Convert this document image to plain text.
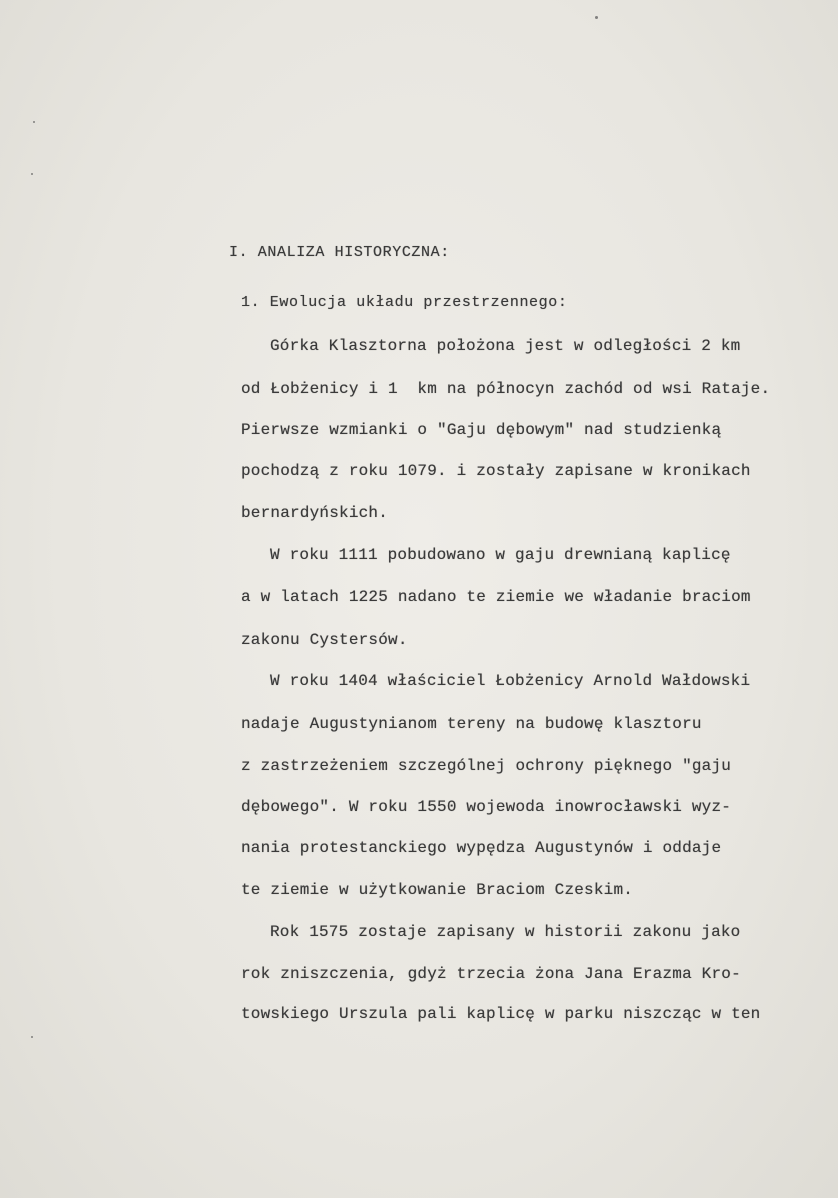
I. ANALIZA HISTORYCZNA:
1. Ewolucja układu przestrzennego:
Górka Klasztorna położona jest w odległości 2 km
od Łobżenicy i 1  km na północyn zachód od wsi Rataje.
Pierwsze wzmianki o "Gaju dębowym" nad studzienką
pochodzą z roku 1079. i zostały zapisane w kronikach
bernardyńskich.
W roku 1111 pobudowano w gaju drewnianą kaplicę
a w latach 1225 nadano te ziemie we władanie braciom
zakonu Cystersów.
W roku 1404 właściciel Łobżenicy Arnold Wałdowski
nadaje Augustynianom tereny na budowę klasztoru
z zastrzeżeniem szczególnej ochrony pięknego "gaju
dębowego". W roku 1550 wojewoda inowrocławski wyz-
nania protestanckiego wypędza Augustynów i oddaje
te ziemie w użytkowanie Braciom Czeskim.
Rok 1575 zostaje zapisany w historii zakonu jako
rok zniszczenia, gdyż trzecia żona Jana Erazma Kro-
towskiego Urszula pali kaplicę w parku niszcząc w ten
